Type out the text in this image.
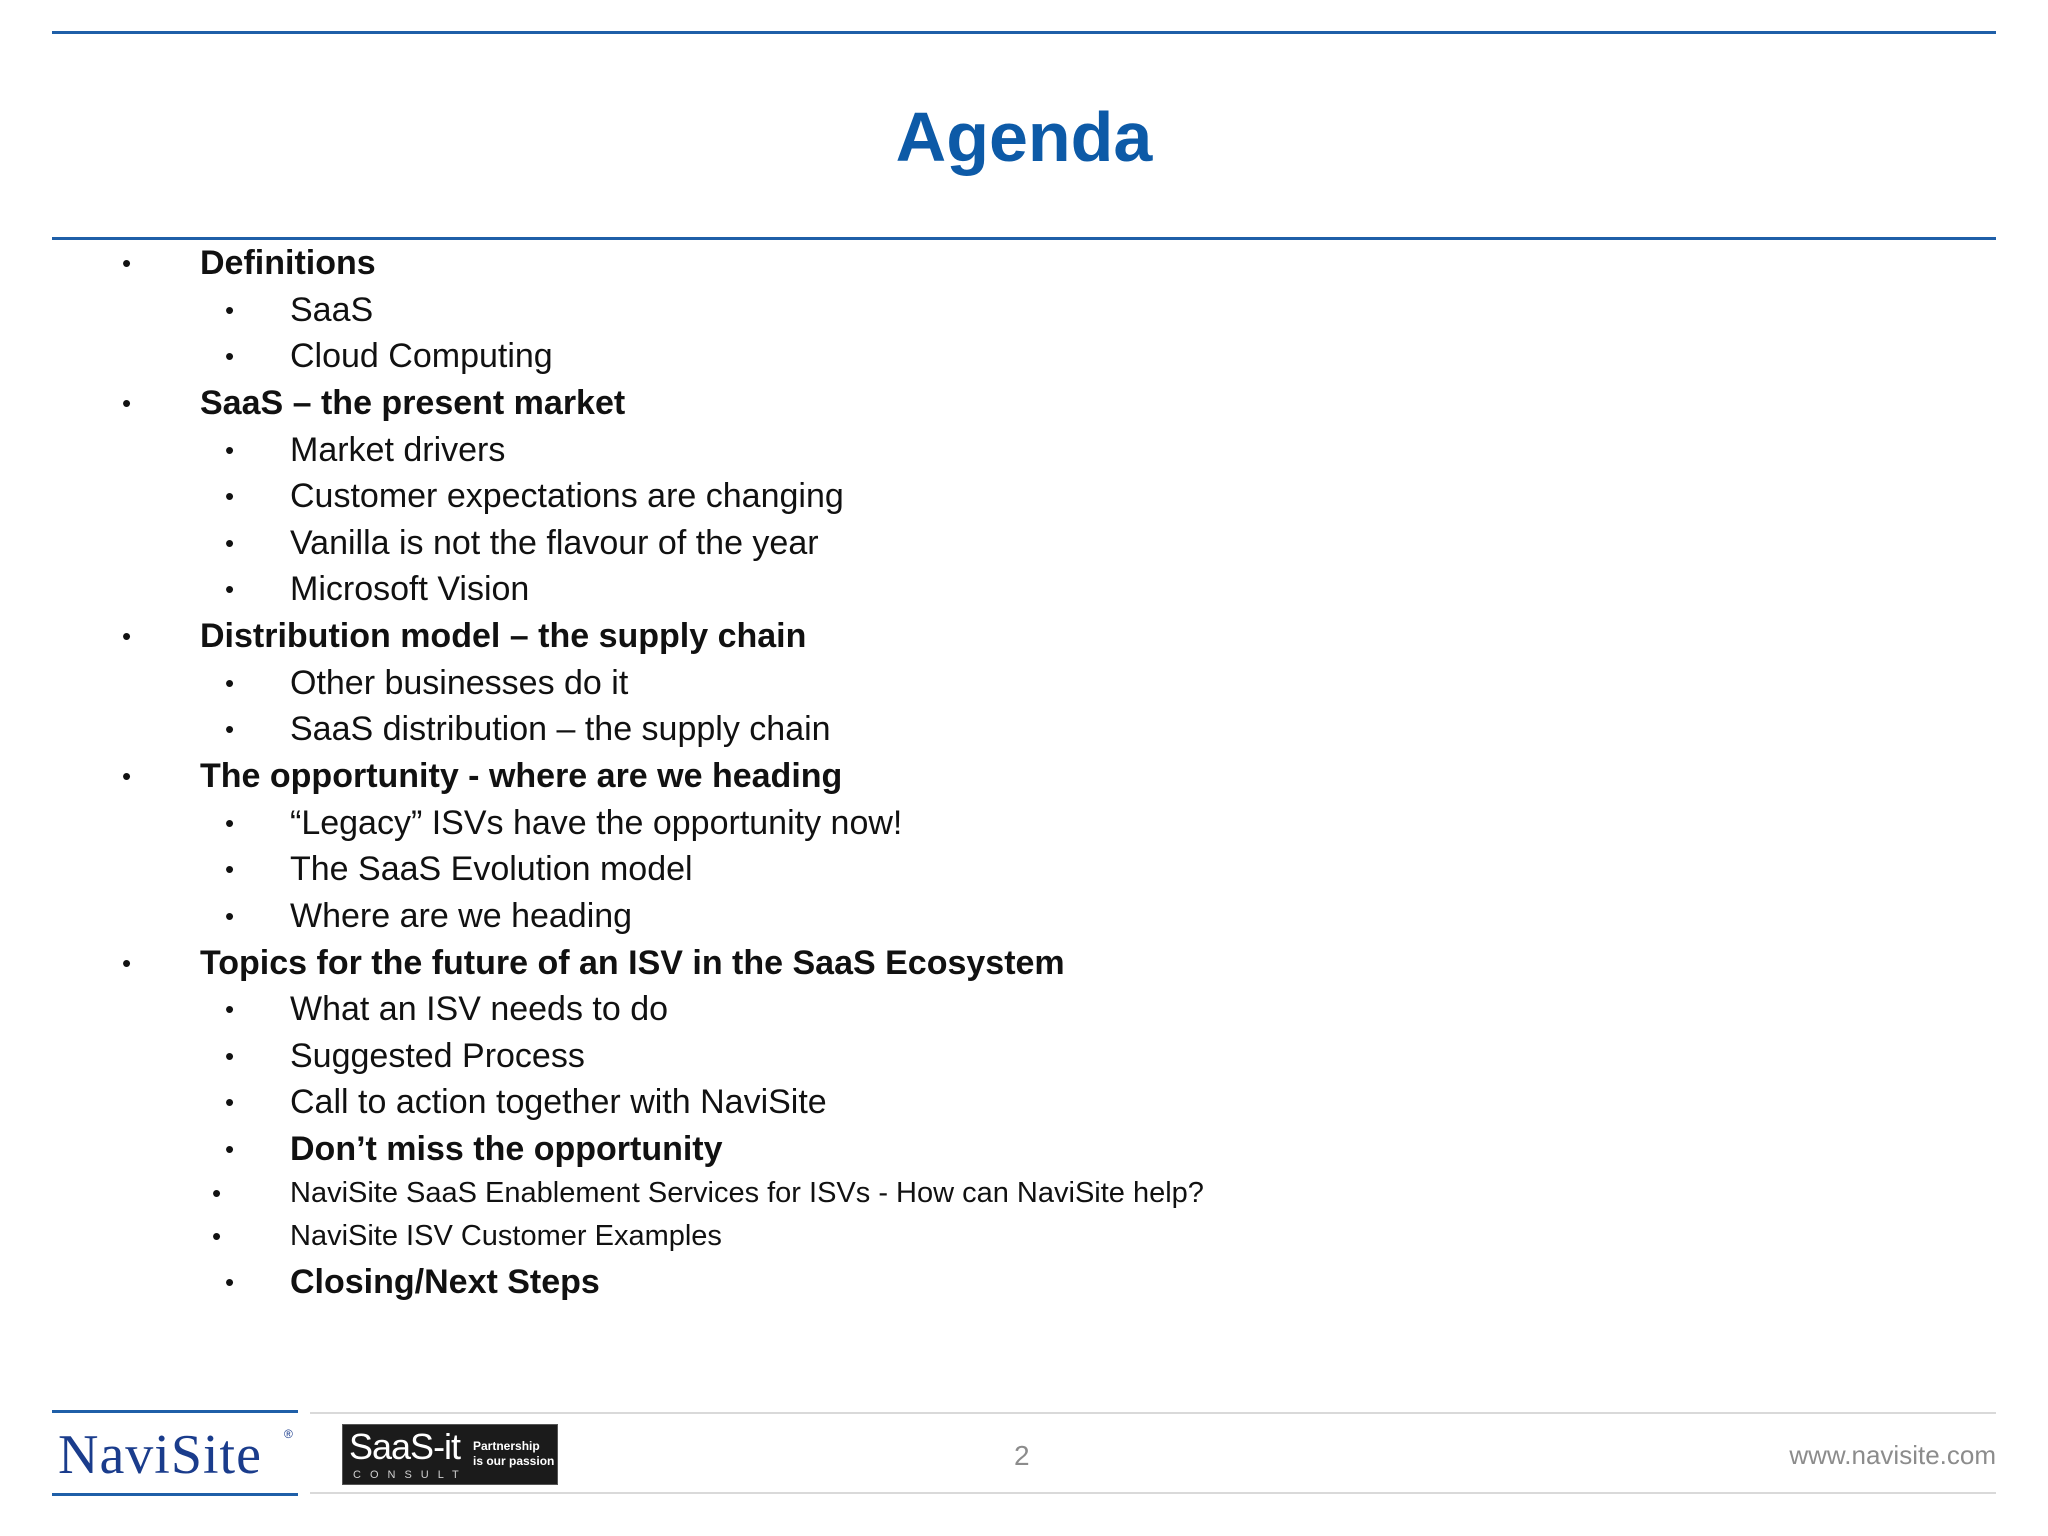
Agenda
• Definitions
• SaaS
• Cloud Computing
• SaaS – the present market
• Market drivers
• Customer expectations are changing
• Vanilla is not the flavour of the year
• Microsoft Vision
• Distribution model – the supply chain
• Other businesses do it
• SaaS distribution – the supply chain
• The opportunity - where are we heading
• “Legacy” ISVs have the opportunity now!
• The SaaS Evolution model
• Where are we heading
• Topics for the future of an ISV in the SaaS Ecosystem
• What an ISV needs to do
• Suggested Process
• Call to action together with NaviSite
• Don’t miss the opportunity
• NaviSite SaaS Enablement Services for ISVs - How can NaviSite help?
• NaviSite ISV Customer Examples
• Closing/Next Steps
NaviSite ® SaaS-it
CONSULT
Partnership
is our passion	2	www.navisite.com
